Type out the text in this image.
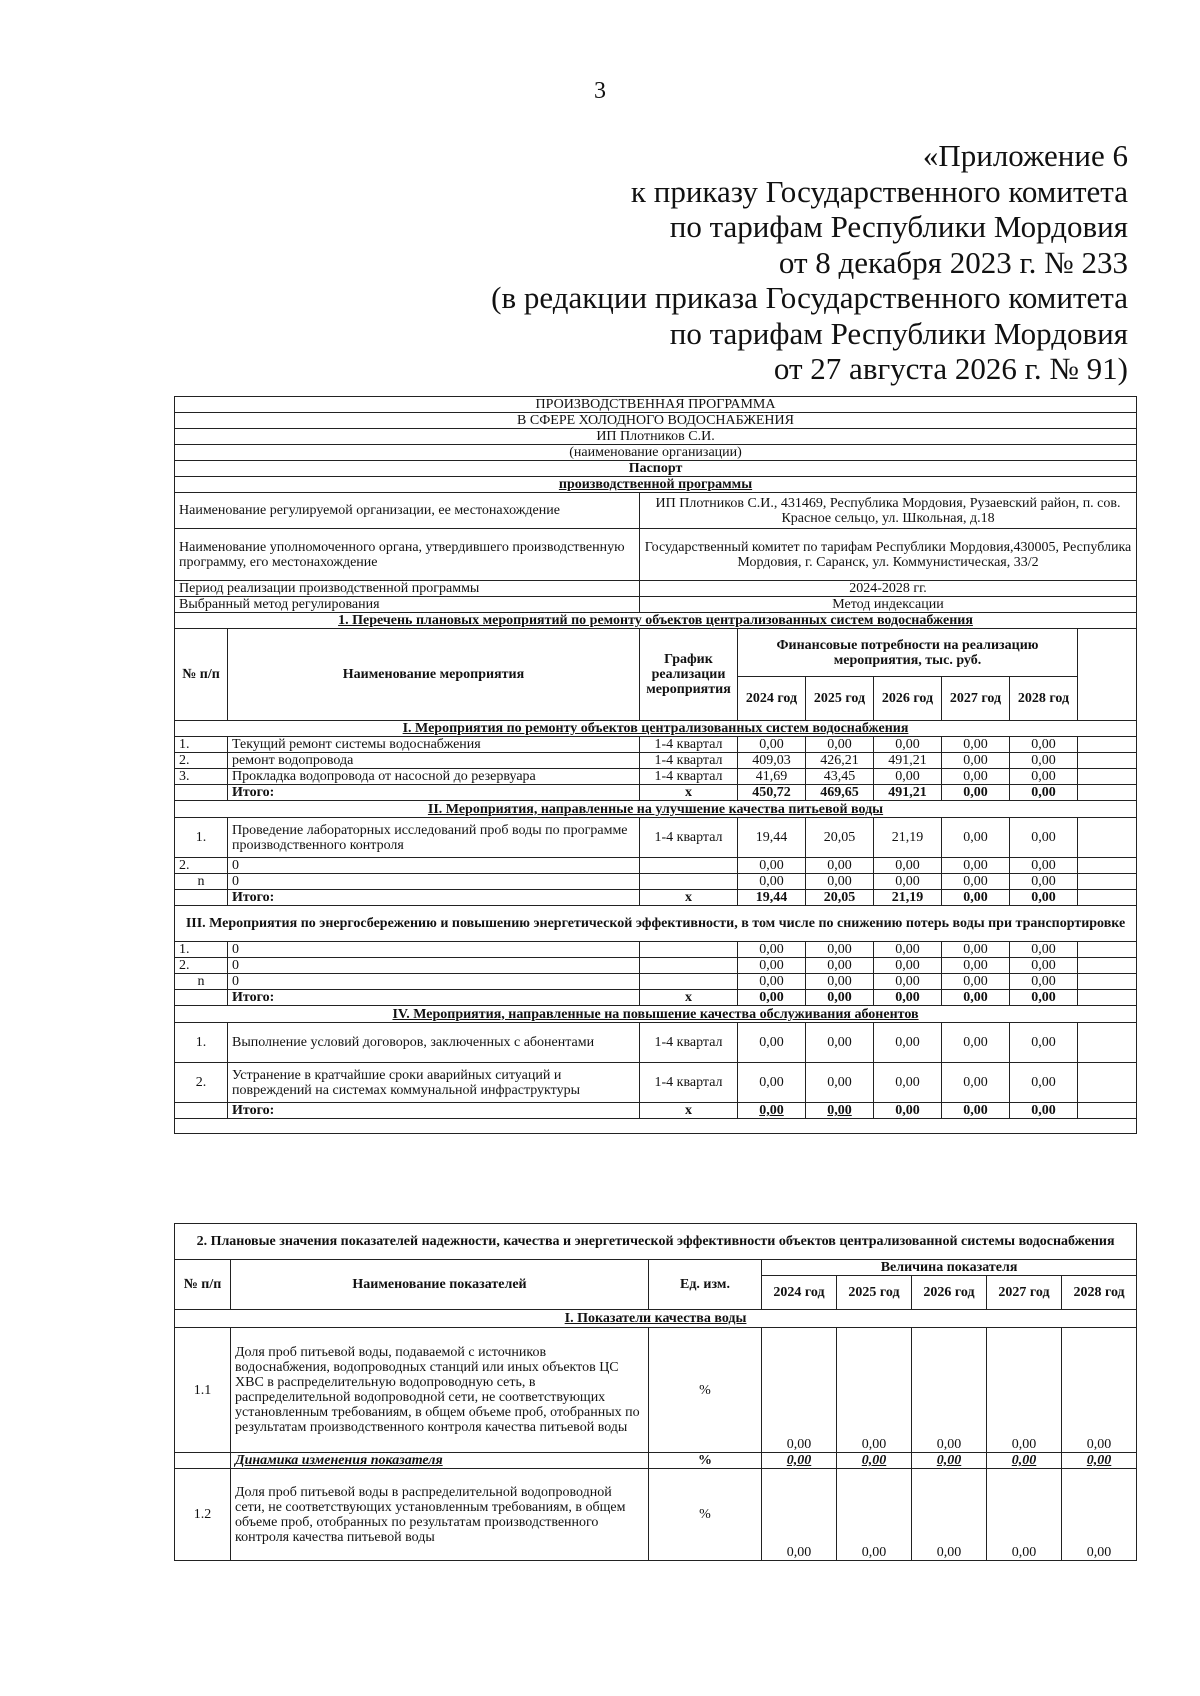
3
«Приложение 6
к приказу Государственного комитета
по тарифам Республики Мордовия
от 8 декабря 2023 г. № 233
(в редакции приказа Государственного комитета
по тарифам Республики Мордовия
от 27 августа 2026 г. № 91)
ПРОИЗВОДСТВЕННАЯ ПРОГРАММА								
В СФЕРЕ ХОЛОДНОГО ВОДОСНАБЖЕНИЯ								
ИП Плотников С.И.								
(наименование организации)								
Паспорт								
производственной программы								
Наименование регулируемой организации, ее местонахождение		ИП Плотников С.И., 431469, Республика Мордовия, Рузаевский район, п. сов. Красное сельцо, ул. Школьная, д.18						
Наименование уполномоченного органа, утвердившего производственную программу, его местонахождение		Государственный комитет по тарифам Республики Мордовия,430005, Республика Мордовия, г. Саранск, ул. Коммунистическая, 33/2						
Период реализации производственной программы		2024-2028 гг.						
Выбранный метод регулирования		Метод индексации						
1. Перечень плановых мероприятий по ремонту объектов централизованных систем водоснабжения								
№ п/п	Наименование мероприятия	График реализации мероприятия	Финансовые потребности на реализацию мероприятия, тыс. руб.					
			2024 год	2025 год	2026 год	2027 год	2028 год	
I. Мероприятия по ремонту объектов централизованных систем водоснабжения								
1.	Текущий ремонт системы водоснабжения	1-4 квартал	0,00	0,00	0,00	0,00	0,00	
2.	ремонт водопровода	1-4 квартал	409,03	426,21	491,21	0,00	0,00	
3.	Прокладка водопровода от насосной до резервуара	1-4 квартал	41,69	43,45	0,00	0,00	0,00	
	Итого:	х	450,72	469,65	491,21	0,00	0,00	
II. Мероприятия, направленные на улучшение качества питьевой воды								
1.	Проведение лабораторных исследований проб воды по программе производственного контроля	1-4 квартал	19,44	20,05	21,19	0,00	0,00	
2.	0		0,00	0,00	0,00	0,00	0,00	
n	0		0,00	0,00	0,00	0,00	0,00	
	Итого:	х	19,44	20,05	21,19	0,00	0,00	
III. Мероприятия по энергосбережению и повышению энергетической эффективности, в том числе по снижению потерь воды при транспортировке								
1.	0		0,00	0,00	0,00	0,00	0,00	
2.	0		0,00	0,00	0,00	0,00	0,00	
n	0		0,00	0,00	0,00	0,00	0,00	
	Итого:	х	0,00	0,00	0,00	0,00	0,00	
IV. Мероприятия, направленные на повышение качества обслуживания абонентов								
1.	Выполнение условий договоров, заключенных с абонентами	1-4 квартал	0,00	0,00	0,00	0,00	0,00	
2.	Устранение в кратчайшие сроки аварийных ситуаций и повреждений на системах коммунальной инфраструктуры	1-4 квартал	0,00	0,00	0,00	0,00	0,00	
	Итого:	х	0,00	0,00	0,00	0,00	0,00	

2. Плановые значения показателей надежности, качества и энергетической эффективности объектов централизованной системы водоснабжения							
№ п/п	Наименование показателей	Ед. изм.	Величина показателя				
			2024 год	2025 год	2026 год	2027 год	2028 год
I. Показатели качества воды							
1.1	Доля проб питьевой воды, подаваемой с источников водоснабжения, водопроводных станций или иных объектов ЦС ХВС в распределительную водопроводную сеть, в распределительной водопроводной сети, не соответствующих установленным требованиям, в общем объеме проб, отобранных по результатам производственного контроля качества питьевой воды	%	0,00	0,00	0,00	0,00	0,00
	Динамика изменения показателя	%	0,00	0,00	0,00	0,00	0,00
1.2	Доля проб питьевой воды в распределительной водопроводной сети, не соответствующих установленным требованиям, в общем объеме проб, отобранных по результатам производственного контроля качества питьевой воды	%	0,00	0,00	0,00	0,00	0,00
